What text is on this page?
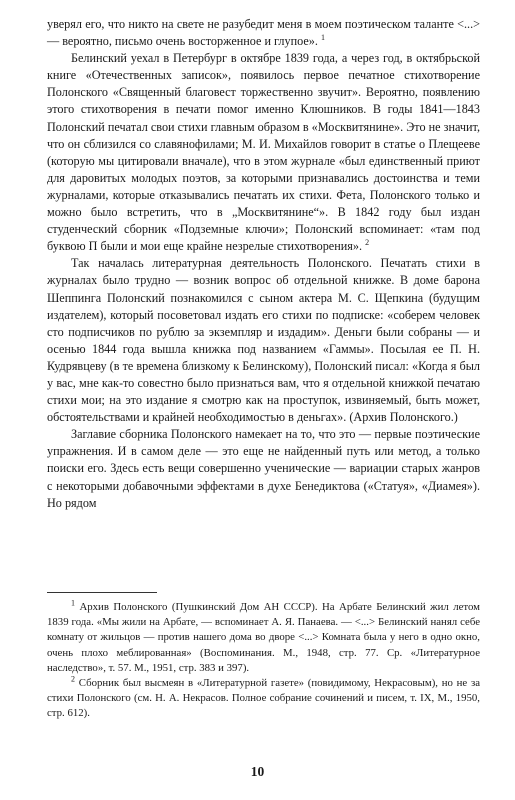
уверял его, что никто на свете не разубедит меня в моем поэтическом таланте <...> — вероятно, письмо очень восторженное и глупое». $^1$

Белинский уехал в Петербург в октябре 1839 года, а через год, в октябрьской книге «Отечественных записок», появилось первое печатное стихотворение Полонского «Священный благовест торжественно звучит». Вероятно, появлению этого стихотворения в печати помог именно Клюшников. В годы 1841—1843 Полонский печатал свои стихи главным образом в «Москвитянине». Это не значит, что он сблизился со славянофилами; М. И. Михайлов говорит в статье о Плещееве (которую мы цитировали вначале), что в этом журнале «был единственный приют для даровитых молодых поэтов, за которыми признавались достоинства и теми журналами, которые отказывались печатать их стихи. Фета, Полонского только и можно было встретить, что в „Москвитянине“». В 1842 году был издан студенческий сборник «Подземные ключи»; Полонский вспоминает: «там под буквою П были и мои еще крайне незрелые стихотворения». $^2$

Так началась литературная деятельность Полонского. Печатать стихи в журналах было трудно — возник вопрос об отдельной книжке. В доме барона Шеппинга Полонский познакомился с сыном актера М. С. Щепкина (будущим издателем), который посоветовал издать его стихи по подписке: «соберем человек сто подписчиков по рублю за экземпляр и издадим». Деньги были собраны — и осенью 1844 года вышла книжка под названием «Гаммы». Посылая ее П. Н. Кудрявцеву (в те времена близкому к Белинскому), Полонский писал: «Когда я был у вас, мне как-то совестно было признаться вам, что я отдельной книжкой печатаю стихи мои; на это издание я смотрю как на проступок, извиняемый, быть может, обстоятельствами и крайней необходимостью в деньгах». (Архив Полонского.)

Заглавие сборника Полонского намекает на то, что это — первые поэтические упражнения. И в самом деле — это еще не найденный путь или метод, а только поиски его. Здесь есть вещи совершенно ученические — вариации старых жанров с некоторыми добавочными эффектами в духе Бенедиктова («Статуя», «Диамея»). Но рядом

$^1$ Архив Полонского (Пушкинский Дом АН СССР). На Арбате Белинский жил летом 1839 года. «Мы жили на Арбате, — вспоминает А. Я. Панаева. — <...> Белинский нанял себе комнату от жильцов — против нашего дома во дворе <...> Комната была у него в одно окно, очень плохо меблированная» (Воспоминания. М., 1948, стр. 77. Ср. «Литературное наследство», т. 57. М., 1951, стр. 383 и 397).

$^2$ Сборник был высмеян в «Литературной газете» (повидимому, Некрасовым), но не за стихи Полонского (см. Н. А. Некрасов. Полное собрание сочинений и писем, т. IX, М., 1950, стр. 612).

10
